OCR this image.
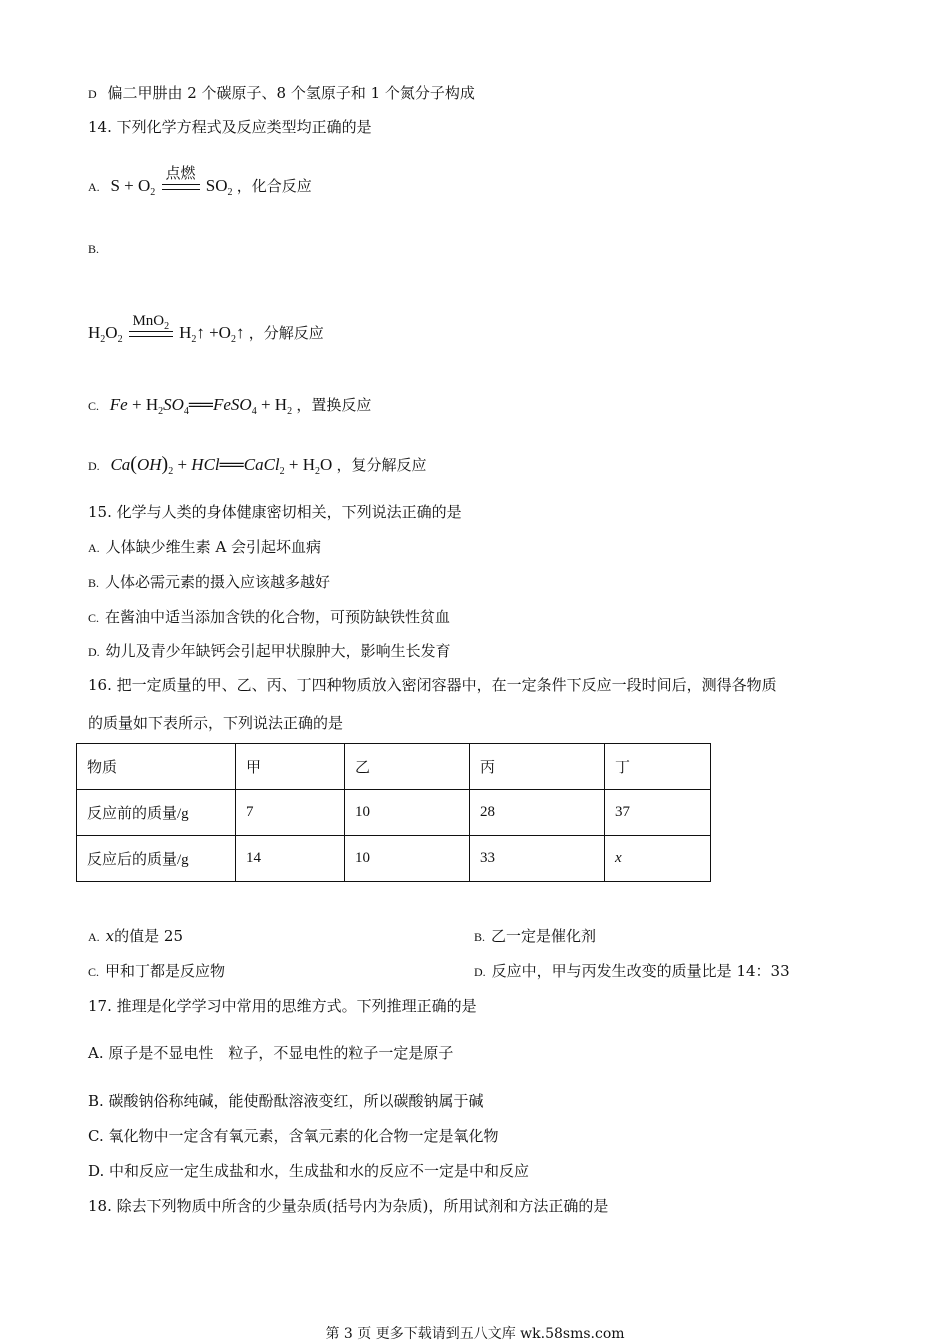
D 偏二甲肼由 2 个碳原子、8 个氢原子和 1 个氮分子构成
14. 下列化学方程式及反应类型均正确的是
A. $S + O_2$
点燃
$SO_2$ ，化合反应
B.
$H_2O_2$
MnO$_2$ $H_2↑$ $+O_2↑$ ，分解反应
C. $Fe + H_2SO_4══FeSO_4 + H_2$ ，置换反应
D. $Ca(OH)_2$ + HCl══CaCl$_2$ + $H_2O$ ，复分解反应
15. 化学与人类的身体健康密切相关，下列说法正确的是
A. 人体缺少维生素 A 会引起坏血病
B. 人体必需元素的摄入应该越多越好
C. 在酱油中适当添加含铁的化合物，可预防缺铁性贫血
D. 幼儿及青少年缺钙会引起甲状腺肿大，影响生长发育
16. 把一定质量的甲、乙、丙、丁四种物质放入密闭容器中，在一定条件下反应一段时间后，测得各物质
的质量如下表所示，下列说法正确的是
物质	甲	乙	丙	丁
反应前的质量/g	7	10	28	37
反应后的质量/g	14	10	33	x
A. x的值是 25	B. 乙一定是催化剂
C. 甲和丁都是反应物	D. 反应中，甲与丙发生改变的质量比是 14：33
17. 推理是化学学习中常用的思维方式。下列推理正确的是
A. 原子是不显电性　粒子，不显电性的粒子一定是原子
B. 碳酸钠俗称纯碱，能使酚酞溶液变红，所以碳酸钠属于碱
C. 氧化物中一定含有氧元素，含氧元素的化合物一定是氧化物
D. 中和反应一定生成盐和水，生成盐和水的反应不一定是中和反应
18. 除去下列物质中所含的少量杂质(括号内为杂质)，所用试剂和方法正确的是
第 3 页 更多下载请到五八文库 wk.58sms.com
